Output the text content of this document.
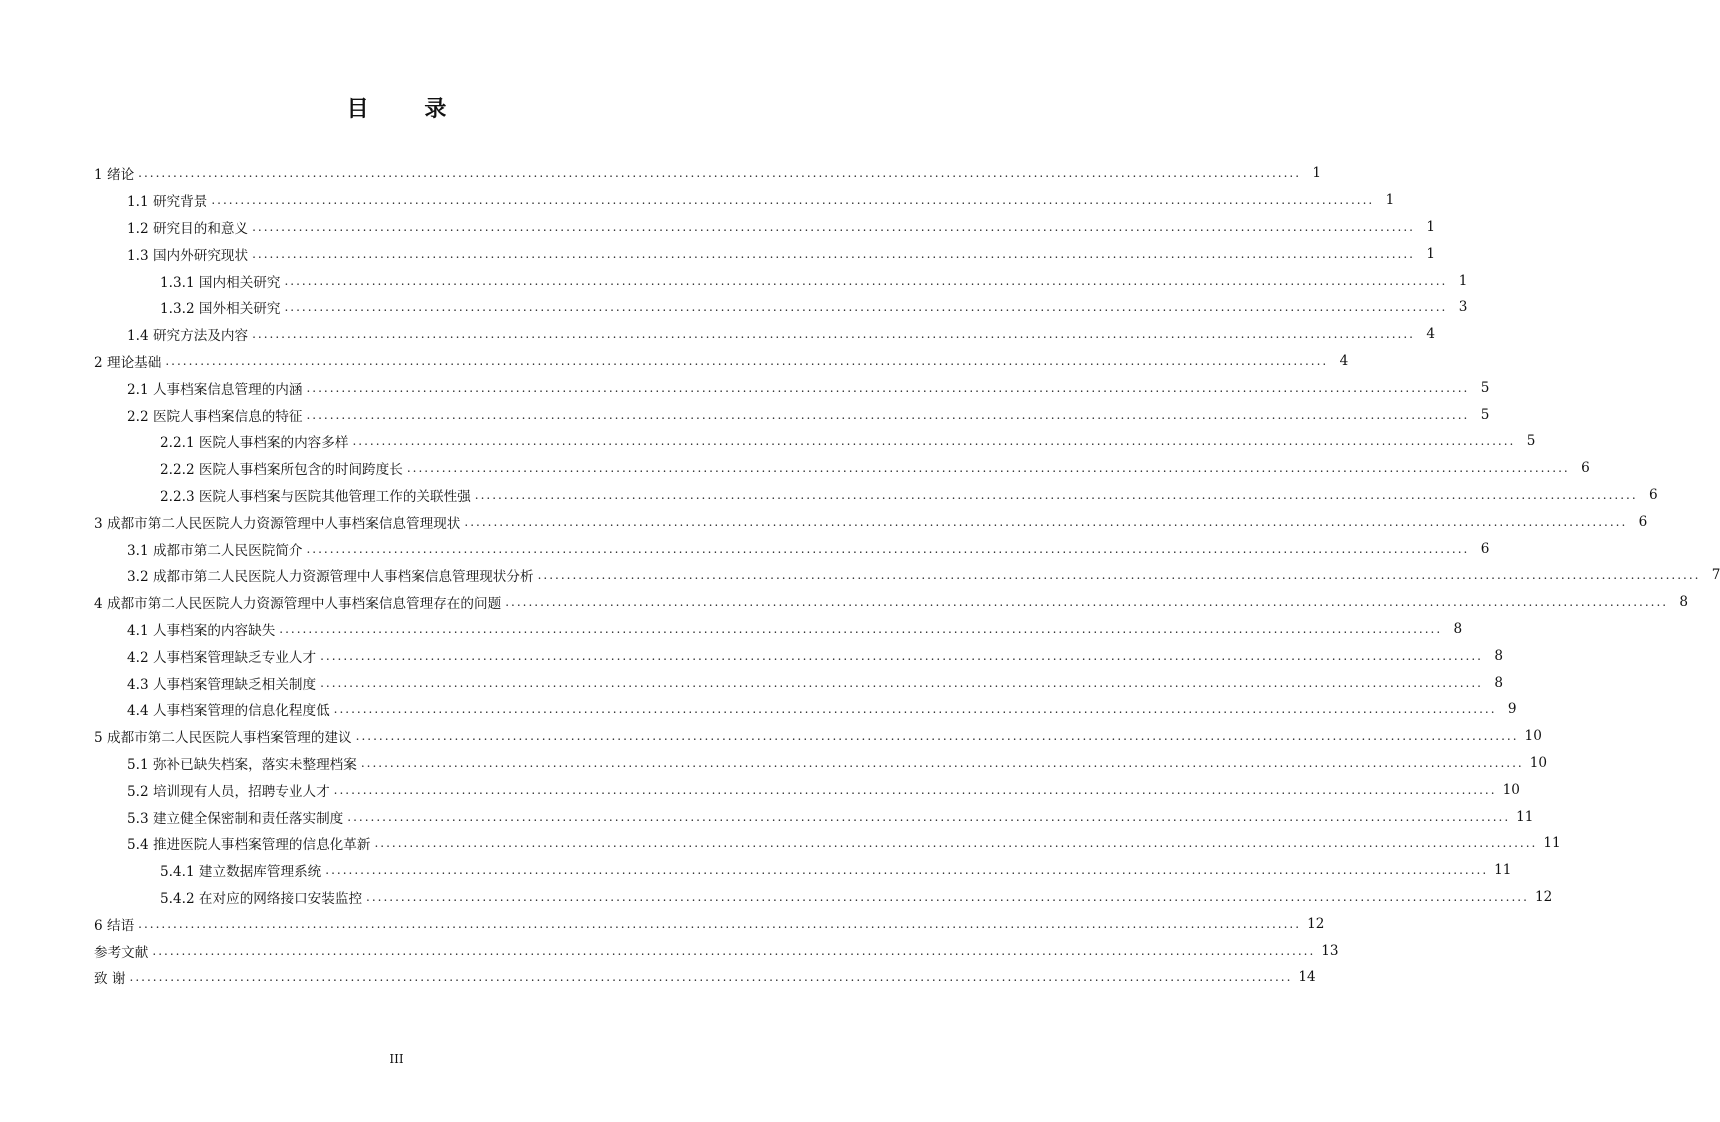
目 录
1 绪论 ........................................................................................................................................................................................................ 1
1.1 研究背景 ........................................................................................................................................................................................................ 1
1.2 研究目的和意义 ........................................................................................................................................................................................................ 1
1.3 国内外研究现状 ........................................................................................................................................................................................................ 1
1.3.1 国内相关研究 ........................................................................................................................................................................................................ 1
1.3.2 国外相关研究 ........................................................................................................................................................................................................ 3
1.4 研究方法及内容 ........................................................................................................................................................................................................ 4
2 理论基础 ........................................................................................................................................................................................................ 4
2.1 人事档案信息管理的内涵 ........................................................................................................................................................................................................ 5
2.2 医院人事档案信息的特征 ........................................................................................................................................................................................................ 5
2.2.1 医院人事档案的内容多样 ........................................................................................................................................................................................................ 5
2.2.2 医院人事档案所包含的时间跨度长 ........................................................................................................................................................................................................ 6
2.2.3 医院人事档案与医院其他管理工作的关联性强 ........................................................................................................................................................................................................ 6
3 成都市第二人民医院人力资源管理中人事档案信息管理现状 ........................................................................................................................................................................................................ 6
3.1 成都市第二人民医院简介 ........................................................................................................................................................................................................ 6
3.2 成都市第二人民医院人力资源管理中人事档案信息管理现状分析 ........................................................................................................................................................................................................ 7
4 成都市第二人民医院人力资源管理中人事档案信息管理存在的问题 ........................................................................................................................................................................................................ 8
4.1 人事档案的内容缺失 ........................................................................................................................................................................................................ 8
4.2 人事档案管理缺乏专业人才 ........................................................................................................................................................................................................ 8
4.3 人事档案管理缺乏相关制度 ........................................................................................................................................................................................................ 8
4.4 人事档案管理的信息化程度低 ........................................................................................................................................................................................................ 9
5 成都市第二人民医院人事档案管理的建议 ........................................................................................................................................................................................................ 10
5.1 弥补已缺失档案，落实未整理档案 ........................................................................................................................................................................................................ 10
5.2 培训现有人员，招聘专业人才 ........................................................................................................................................................................................................ 10
5.3 建立健全保密制和责任落实制度 ........................................................................................................................................................................................................ 11
5.4 推进医院人事档案管理的信息化革新 ........................................................................................................................................................................................................ 11
5.4.1 建立数据库管理系统 ........................................................................................................................................................................................................ 11
5.4.2 在对应的网络接口安装监控 ........................................................................................................................................................................................................ 12
6 结语 ........................................................................................................................................................................................................ 12
参考文献 ........................................................................................................................................................................................................ 13
致 谢 ........................................................................................................................................................................................................ 14
III
